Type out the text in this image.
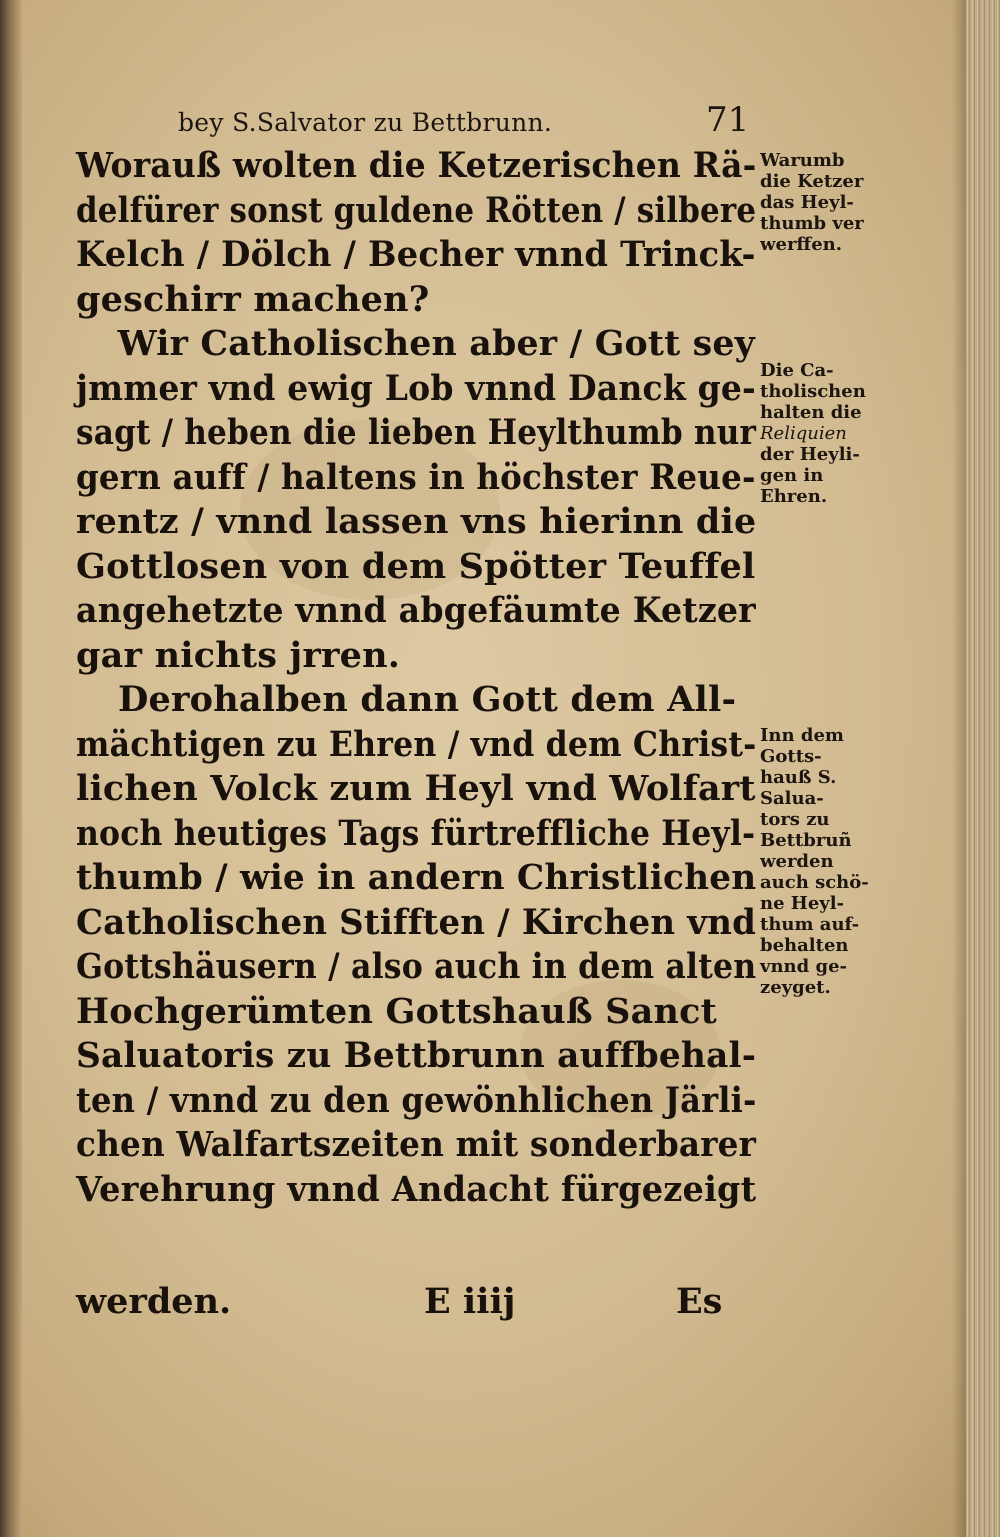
bey S.Salvator zu Bettbrunn.	71
Worauß wolten die Ketzerischen Rä-
delfürer sonst guldene Rötten / silbere
Kelch / Dölch / Becher vnnd Trinck-
geschirr machen?
Wir Catholischen aber / Gott sey
jmmer vnd ewig Lob vnnd Danck ge-
sagt / heben die lieben Heylthumb nur
gern auff / haltens in höchster Reue-
rentz / vnnd lassen vns hierinn die
Gottlosen von dem Spötter Teuffel
angehetzte vnnd abgefäumte Ketzer
gar nichts jrren.
Derohalben dann Gott dem All-
mächtigen zu Ehren / vnd dem Christ-
lichen Volck zum Heyl vnd Wolfart
noch heutiges Tags fürtreffliche Heyl-
thumb / wie in andern Christlichen
Catholischen Stifften / Kirchen vnd
Gottshäusern / also auch in dem alten
Hochgerümten Gottshauß Sanct
Saluatoris zu Bettbrunn auffbehal-
ten / vnnd zu den gewönhlichen Järli-
chen Walfartszeiten mit sonderbarer
Verehrung vnnd Andacht fürgezeigt
werden.	E iiij	Es
Warumb
die Ketzer
das Heyl-
thumb ver
werffen.
Die Ca-
tholischen
halten die
Reliquien
der Heyli-
gen in
Ehren.
Inn dem
Gotts-
hauß S.
Salua-
tors zu
Bettbruñ
werden
auch schö-
ne Heyl-
thum auf-
behalten
vnnd ge-
zeyget.
